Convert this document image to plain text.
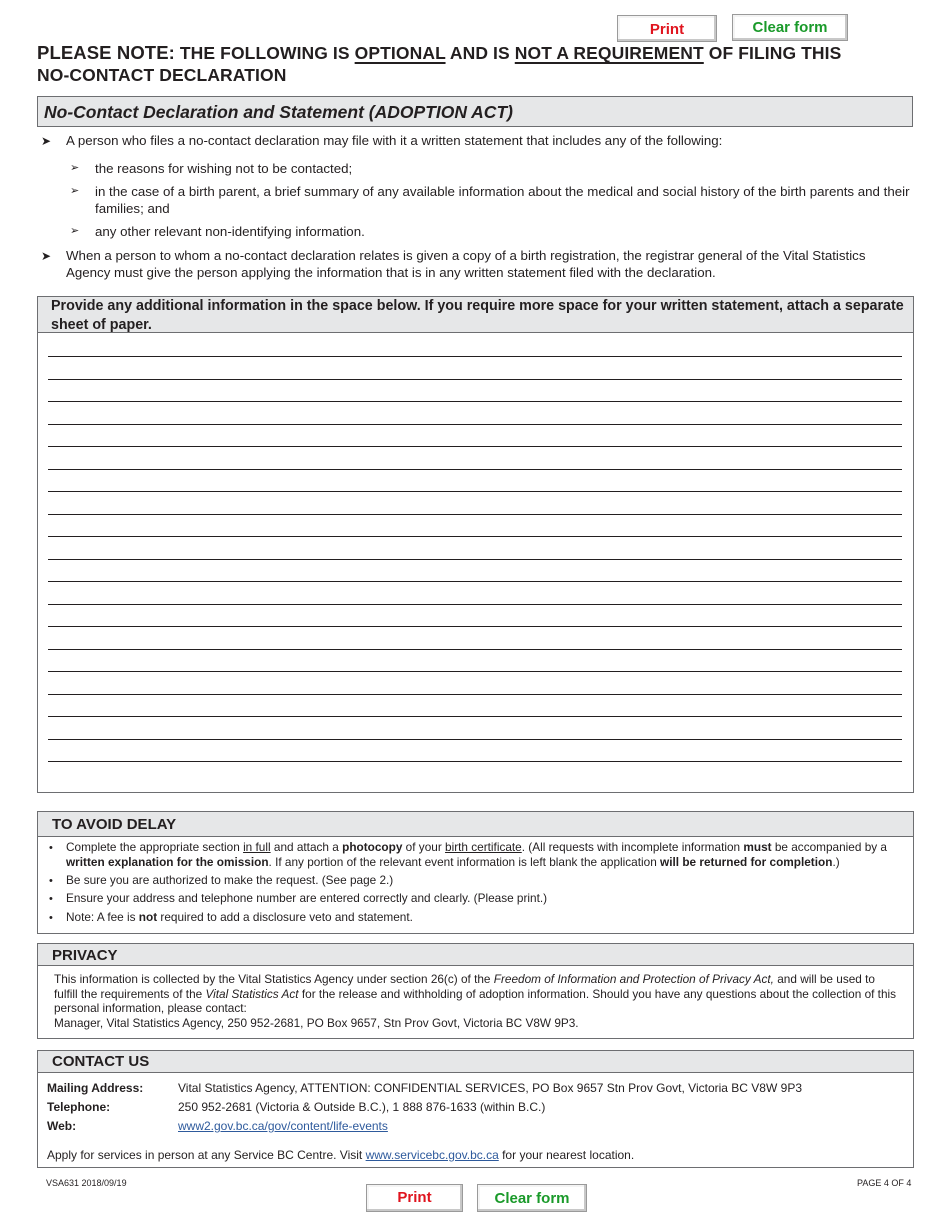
Print	Clear form
PLEASE NOTE: THE FOLLOWING IS OPTIONAL AND IS NOT A REQUIREMENT OF FILING THIS
NO-CONTACT DECLARATION
No-Contact Declaration and Statement (ADOPTION ACT)
➤ A person who files a no-contact declaration may file with it a written statement that includes any of the following:
➢ the reasons for wishing not to be contacted;
➢ in the case of a birth parent, a brief summary of any available information about the medical and social history of the birth parents and their families; and
➢ any other relevant non-identifying information.
➤ When a person to whom a no-contact declaration relates is given a copy of a birth registration, the registrar general of the Vital Statistics Agency must give the person applying the information that is in any written statement filed with the declaration.
Provide any additional information in the space below. If you require more space for your written statement, attach a separate sheet of paper.
TO AVOID DELAY
• Complete the appropriate section in full and attach a photocopy of your birth certificate. (All requests with incomplete information must be accompanied by a written explanation for the omission. If any portion of the relevant event information is left blank the application will be returned for completion.)
• Be sure you are authorized to make the request. (See page 2.)
• Ensure your address and telephone number are entered correctly and clearly. (Please print.)
• Note: A fee is not required to add a disclosure veto and statement.
PRIVACY
This information is collected by the Vital Statistics Agency under section 26(c) of the Freedom of Information and Protection of Privacy Act, and will be used to fulfill the requirements of the Vital Statistics Act for the release and withholding of adoption information. Should you have any questions about the collection of this personal information, please contact:
Manager, Vital Statistics Agency, 250 952-2681, PO Box 9657, Stn Prov Govt, Victoria BC V8W 9P3.
CONTACT US
Mailing Address:	Vital Statistics Agency, ATTENTION: CONFIDENTIAL SERVICES, PO Box 9657 Stn Prov Govt, Victoria BC V8W 9P3
Telephone:	250 952-2681 (Victoria & Outside B.C.), 1 888 876-1633 (within B.C.)
Web:	www2.gov.bc.ca/gov/content/life-events
Apply for services in person at any Service BC Centre. Visit www.servicebc.gov.bc.ca for your nearest location.
VSA631 2018/09/19	PAGE 4 OF 4
Print	Clear form
